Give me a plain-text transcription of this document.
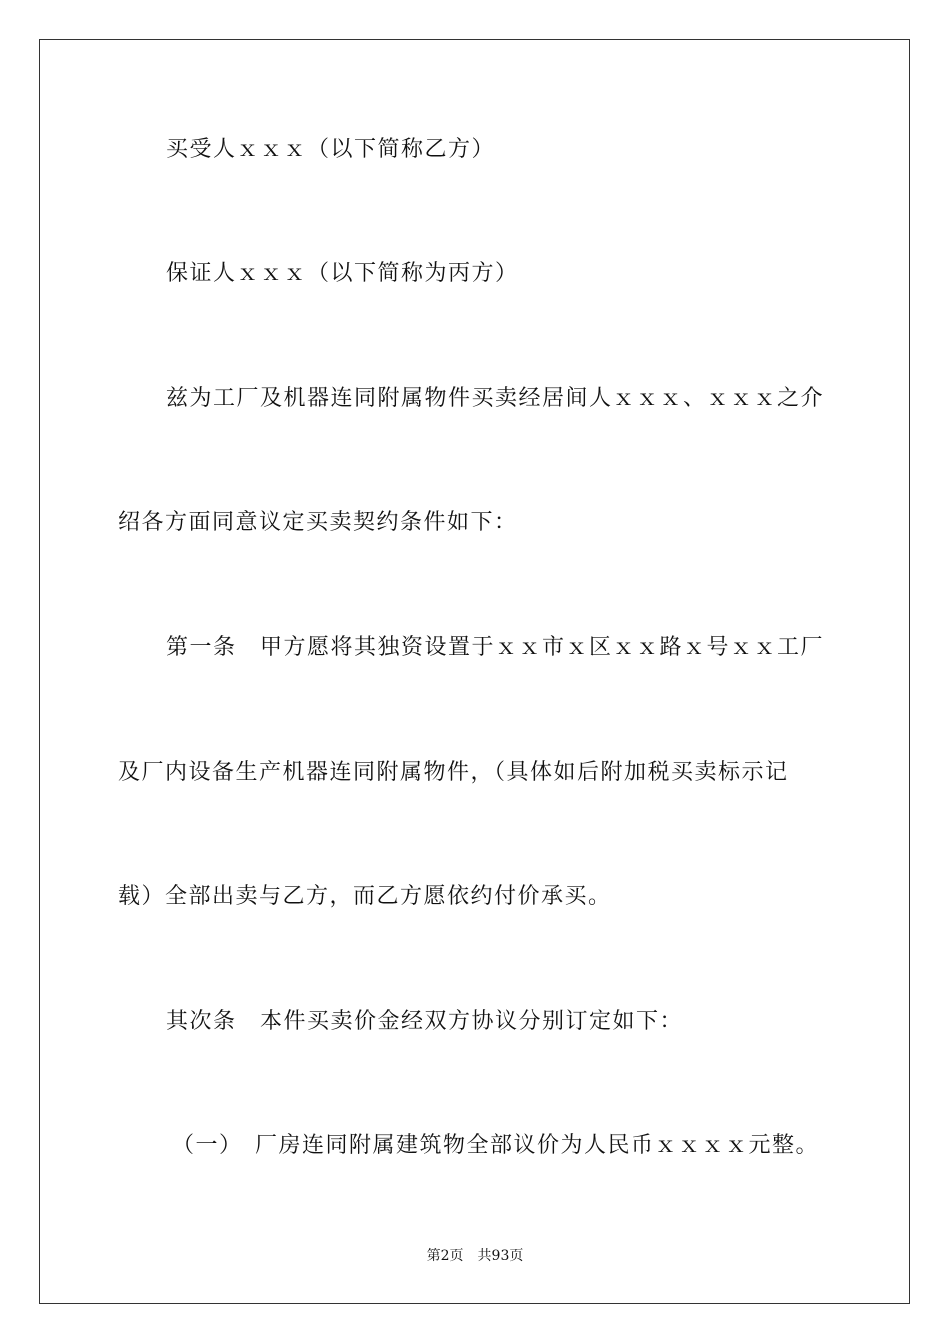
买受人ｘｘｘ（以下简称乙方）
保证人ｘｘｘ（以下简称为丙方）
兹为工厂及机器连同附属物件买卖经居间人ｘｘｘ、ｘｘｘ之介
绍各方面同意议定买卖契约条件如下：
第一条　甲方愿将其独资设置于ｘｘ市ｘ区ｘｘ路ｘ号ｘｘ工厂
及厂内设备生产机器连同附属物件，（具体如后附加税买卖标示记
载）全部出卖与乙方，而乙方愿依约付价承买。
其次条　本件买卖价金经双方协议分别订定如下：
（一）　厂房连同附属建筑物全部议价为人民币ｘｘｘｘ元整。
第2页　共93页
